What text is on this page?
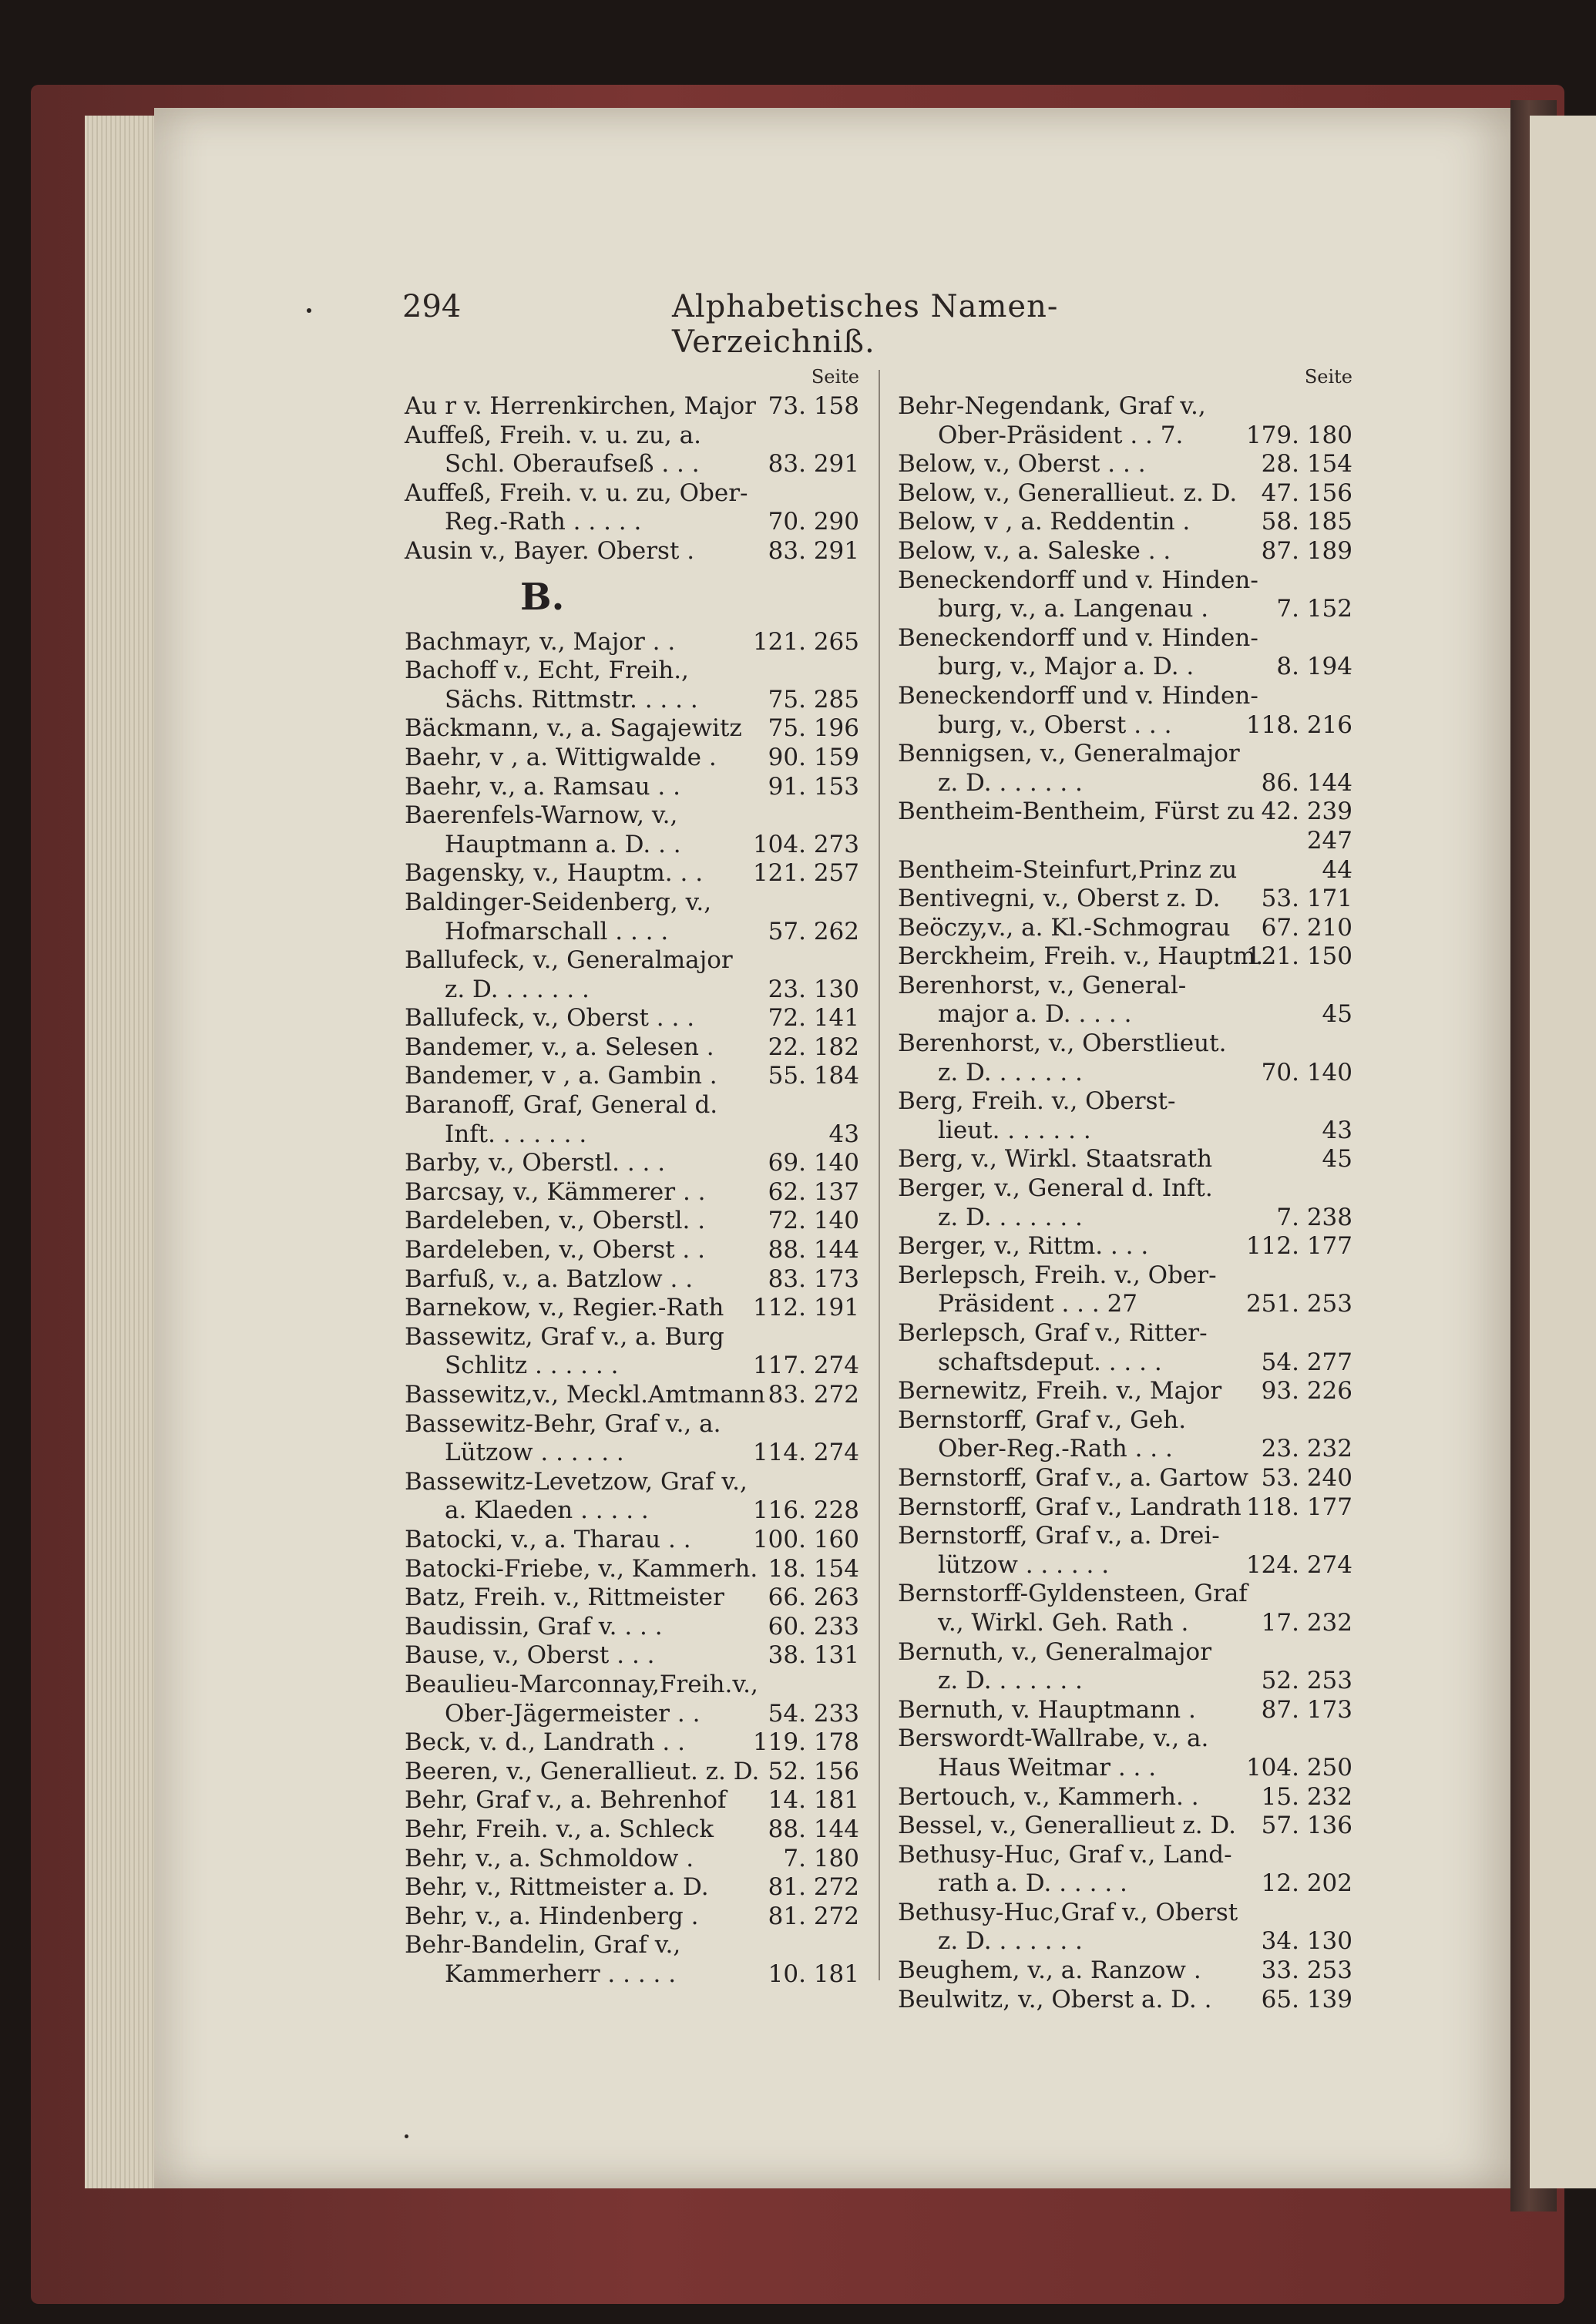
294	Alphabetisches Namen-Verzeichniß.
Seite
Au r v. Herrenkirchen, Major 73. 158
Auffeß, Freih. v. u. zu, a.
Schl. Oberaufseß . . .	83. 291
Auffeß, Freih. v. u. zu, Ober-
Reg.-Rath . . . . .	70. 290
Ausin v., Bayer. Oberst .	83. 291
B.
Bachmayr, v., Major . .	121. 265
Bachoff v., Echt, Freih.,
Sächs. Rittmstr. . . . .	75. 285
Bäckmann, v., a. Sagajewitz 75. 196
Baehr, v , a. Wittigwalde . 90. 159
Baehr, v., a. Ramsau . .	91. 153
Baerenfels-Warnow, v.,
Hauptmann a. D. . .	104. 273
Bagensky, v., Hauptm. . . 121. 257
Baldinger-Seidenberg, v.,
Hofmarschall . . . .	57. 262
Ballufeck, v., Generalmajor
z. D. . . . . . .	23. 130
Ballufeck, v., Oberst . . .	72. 141
Bandemer, v., a. Selesen . 22. 182
Bandemer, v , a. Gambin . 55. 184
Baranoff, Graf, General d.
Inft. . . . . . .	43
Barby, v., Oberstl. . . .	69. 140
Barcsay, v., Kämmerer . .	62. 137
Bardeleben, v., Oberstl. .	72. 140
Bardeleben, v., Oberst . .	88. 144
Barfuß, v., a. Batzlow . .	83. 173
Barnekow, v., Regier.-Rath 112. 191
Bassewitz, Graf v., a. Burg
Schlitz . . . . . .	117. 274
Bassewitz,v., Meckl.Amtmann 83. 272
Bassewitz-Behr, Graf v., a.
Lützow . . . . . .	114. 274
Bassewitz-Levetzow, Graf v.,
a. Klaeden . . . . .	116. 228
Batocki, v., a. Tharau . .	100. 160
Batocki-Friebe, v., Kammerh. 18. 154
Batz, Freih. v., Rittmeister 66. 263
Baudissin, Graf v. . . .	60. 233
Bause, v., Oberst . . .	38. 131
Beaulieu-Marconnay,Freih.v.,
Ober-Jägermeister . .	54. 233
Beck, v. d., Landrath . .	119. 178
Beeren, v., Generallieut. z. D. 52. 156
Behr, Graf v., a. Behrenhof 14. 181
Behr, Freih. v., a. Schleck 88. 144
Behr, v., a. Schmoldow .	7. 180
Behr, v., Rittmeister a. D. 81. 272
Behr, v., a. Hindenberg .	81. 272
Behr-Bandelin, Graf v.,
Kammerherr . . . . .	10. 181
Seite
Behr-Negendank, Graf v.,
Ober-Präsident . . 7.	179. 180
Below, v., Oberst . . .	28. 154
Below, v., Generallieut. z. D. 47. 156
Below, v , a. Reddentin .	58. 185
Below, v., a. Saleske . .	87. 189
Beneckendorff und v. Hinden-
burg, v., a. Langenau .	7. 152
Beneckendorff und v. Hinden-
burg, v., Major a. D. .	8. 194
Beneckendorff und v. Hinden-
burg, v., Oberst . . .	118. 216
Bennigsen, v., Generalmajor
z. D. . . . . . .	86. 144
Bentheim-Bentheim, Fürst zu 42. 239
247
Bentheim-Steinfurt,Prinz zu	44
Bentivegni, v., Oberst z. D. 53. 171
Beöczy,v., a. Kl.-Schmograu 67. 210
Berckheim, Freih. v., Hauptm.
121. 150
Berenhorst, v., General-
major a. D. . . . .	45
Berenhorst, v., Oberstlieut.
z. D. . . . . . .	70. 140
Berg, Freih. v., Oberst-
lieut. . . . . . .	43
Berg, v., Wirkl. Staatsrath	45
Berger, v., General d. Inft.
z. D. . . . . . .	7. 238
Berger, v., Rittm. . . .	112. 177
Berlepsch, Freih. v., Ober-
Präsident . . . 27	251. 253
Berlepsch, Graf v., Ritter-
schaftsdeput. . . . .	54. 277
Bernewitz, Freih. v., Major 93. 226
Bernstorff, Graf v., Geh.
Ober-Reg.-Rath . . .	23. 232
Bernstorff, Graf v., a. Gartow 53. 240
Bernstorff, Graf v., Landrath 118. 177
Bernstorff, Graf v., a. Drei-
lützow . . . . . .	124. 274
Bernstorff-Gyldensteen, Graf
v., Wirkl. Geh. Rath .	17. 232
Bernuth, v., Generalmajor
z. D. . . . . . .	52. 253
Bernuth, v. Hauptmann .	87. 173
Berswordt-Wallrabe, v., a.
Haus Weitmar . . .	104. 250
Bertouch, v., Kammerh. .	15. 232
Bessel, v., Generallieut z. D. 57. 136
Bethusy-Huc, Graf v., Land-
rath a. D. . . . . .	12. 202
Bethusy-Huc,Graf v., Oberst
z. D. . . . . . .	34. 130
Beughem, v., a. Ranzow .	33. 253
Beulwitz, v., Oberst a. D. . 65. 139
